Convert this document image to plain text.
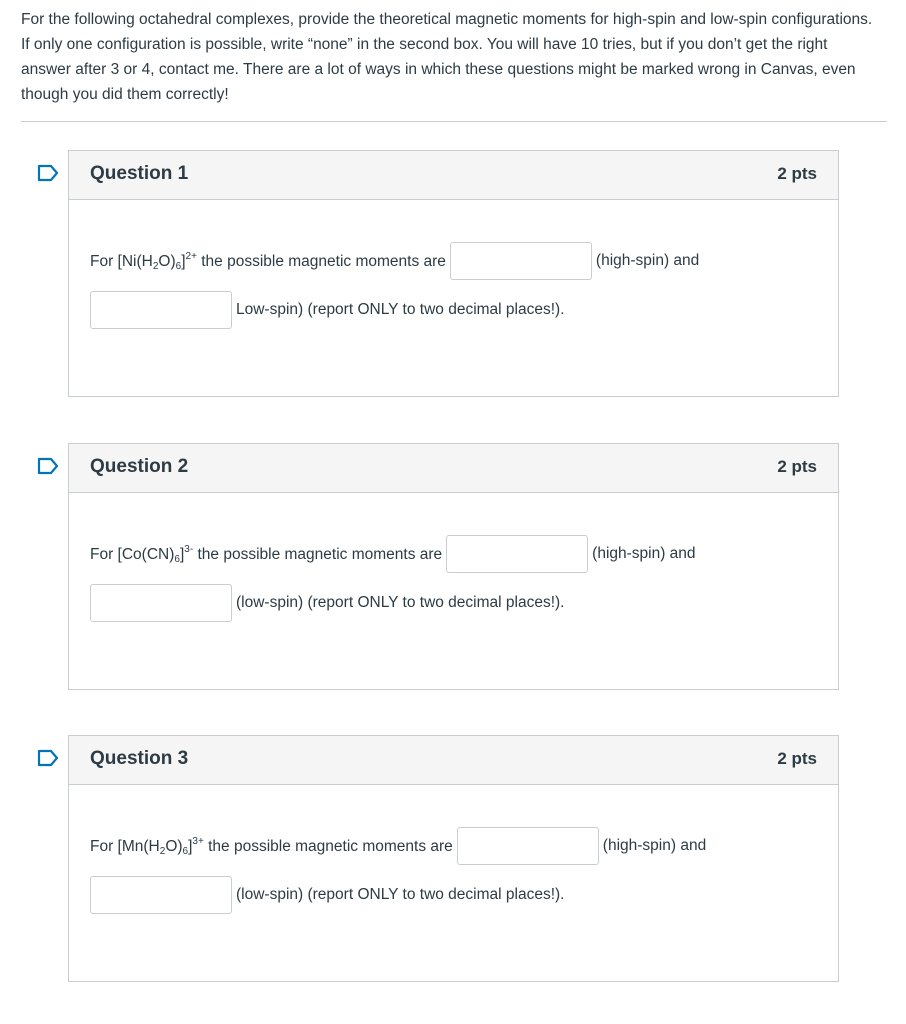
For the following octahedral complexes, provide the theoretical magnetic moments for high-spin and low-spin configurations. If only one configuration is possible, write “none” in the second box. You will have 10 tries, but if you don’t get the right answer after 3 or 4, contact me. There are a lot of ways in which these questions might be marked wrong in Canvas, even though you did them correctly!
Question 1	2 pts
For $[Ni(H_2O)_6]^{2+}$ the possible magnetic moments are	(high-spin) and
Low-spin) (report ONLY to two decimal places!).
Question 2	2 pts
For $[Co(CN)_6]^{3-}$ the possible magnetic moments are	(high-spin) and
(low-spin) (report ONLY to two decimal places!).
Question 3	2 pts
For $[Mn(H_2O)_6]^{3+}$ the possible magnetic moments are	(high-spin) and
(low-spin) (report ONLY to two decimal places!).
